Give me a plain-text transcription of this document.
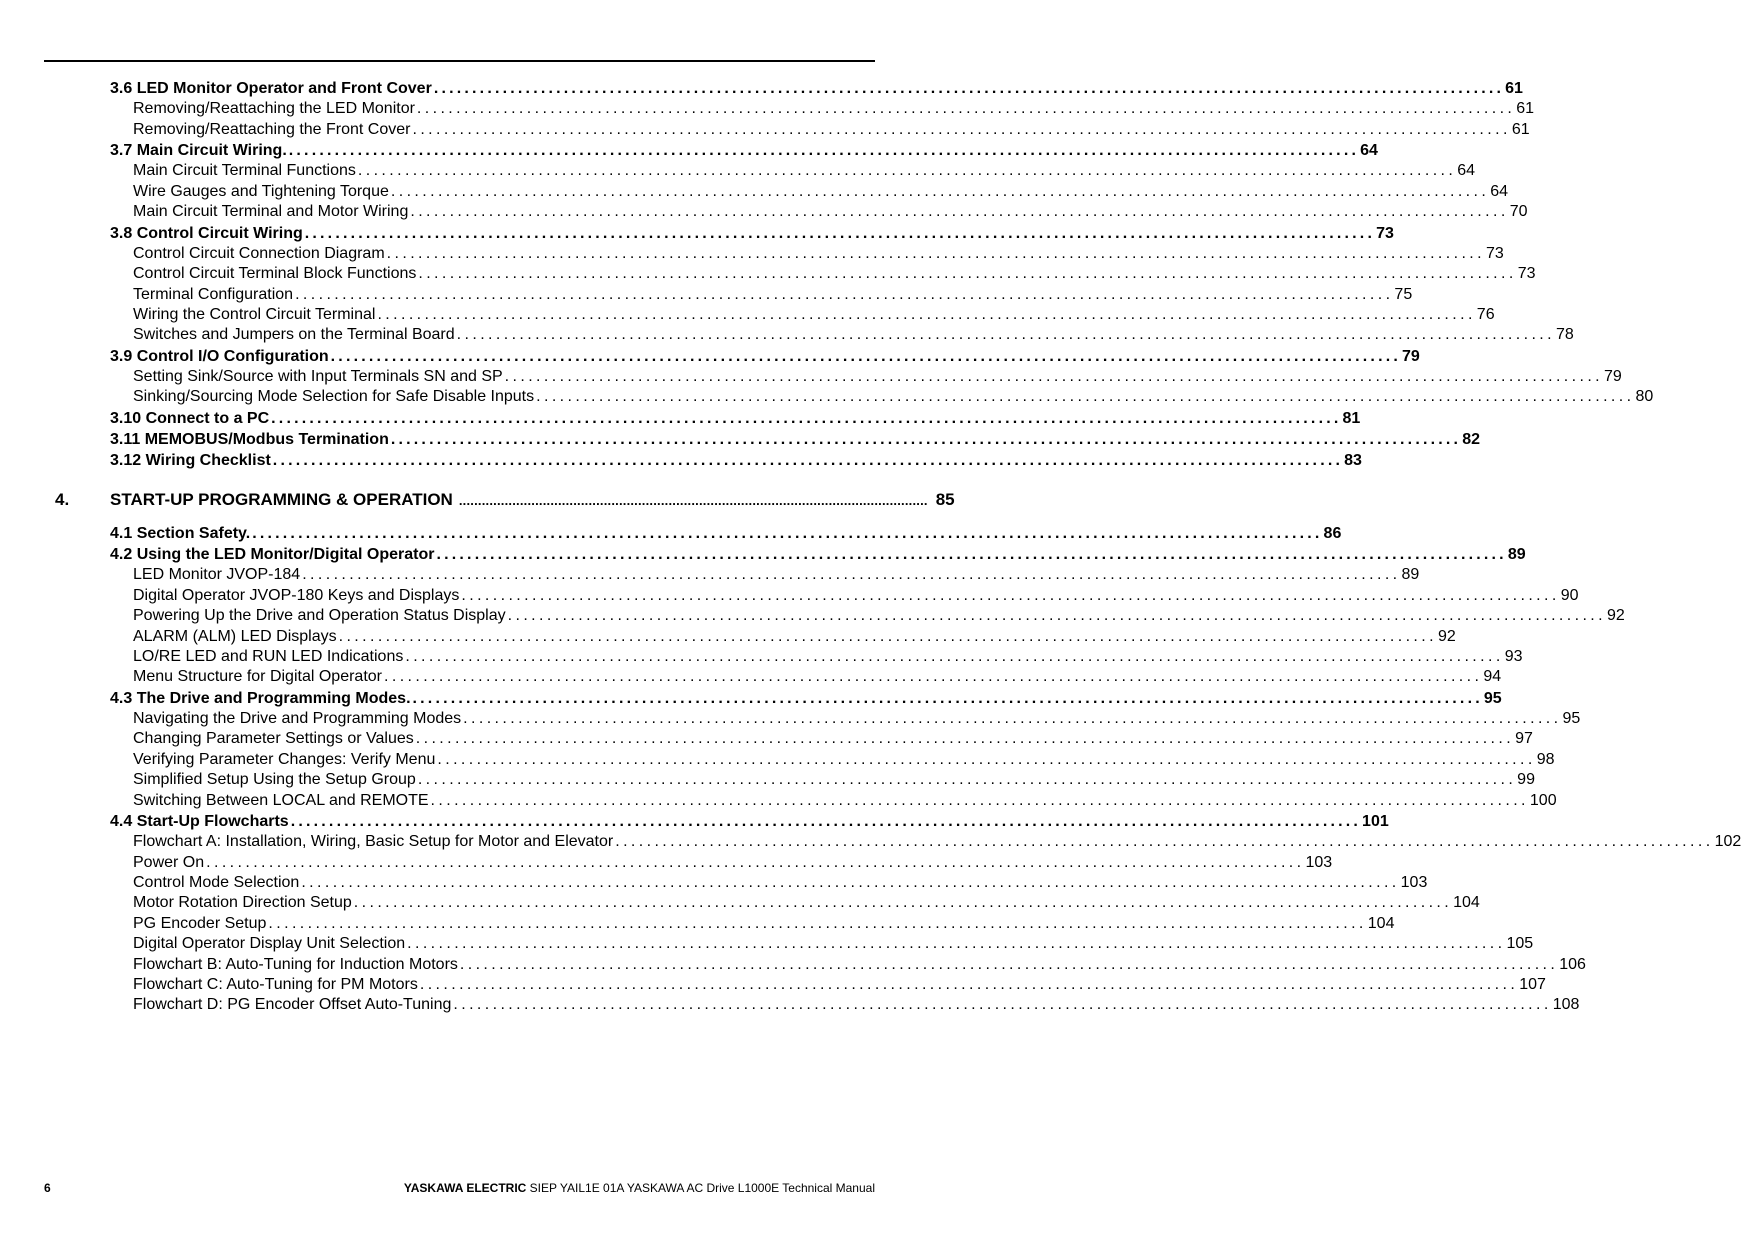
3.6 LED Monitor Operator and Front Cover ............................................................................................................................................ 61
Removing/Reattaching the LED Monitor ............................................................................................................................................ 61
Removing/Reattaching the Front Cover ............................................................................................................................................ 61
3.7 Main Circuit Wiring. ............................................................................................................................................ 64
Main Circuit Terminal Functions ............................................................................................................................................ 64
Wire Gauges and Tightening Torque ............................................................................................................................................ 64
Main Circuit Terminal and Motor Wiring ............................................................................................................................................ 70
3.8 Control Circuit Wiring ............................................................................................................................................ 73
Control Circuit Connection Diagram ............................................................................................................................................ 73
Control Circuit Terminal Block Functions ............................................................................................................................................ 73
Terminal Configuration ............................................................................................................................................ 75
Wiring the Control Circuit Terminal ............................................................................................................................................ 76
Switches and Jumpers on the Terminal Board ............................................................................................................................................ 78
3.9 Control I/O Configuration ............................................................................................................................................ 79
Setting Sink/Source with Input Terminals SN and SP ............................................................................................................................................ 79
Sinking/Sourcing Mode Selection for Safe Disable Inputs ............................................................................................................................................ 80
3.10 Connect to a PC ............................................................................................................................................ 81
3.11 MEMOBUS/Modbus Termination ............................................................................................................................................ 82
3.12 Wiring Checklist ............................................................................................................................................ 83
4. START-UP PROGRAMMING & OPERATION ........................................................................................................................... 85
4.1 Section Safety. ............................................................................................................................................ 86
4.2 Using the LED Monitor/Digital Operator ............................................................................................................................................ 89
LED Monitor JVOP-184 ............................................................................................................................................ 89
Digital Operator JVOP-180 Keys and Displays ............................................................................................................................................ 90
Powering Up the Drive and Operation Status Display ............................................................................................................................................ 92
ALARM (ALM) LED Displays ............................................................................................................................................ 92
LO/RE LED and RUN LED Indications ............................................................................................................................................ 93
Menu Structure for Digital Operator ............................................................................................................................................ 94
4.3 The Drive and Programming Modes. ............................................................................................................................................ 95
Navigating the Drive and Programming Modes ............................................................................................................................................ 95
Changing Parameter Settings or Values ............................................................................................................................................ 97
Verifying Parameter Changes: Verify Menu ............................................................................................................................................ 98
Simplified Setup Using the Setup Group ............................................................................................................................................ 99
Switching Between LOCAL and REMOTE ............................................................................................................................................ 100
4.4 Start-Up Flowcharts ............................................................................................................................................ 101
Flowchart A: Installation, Wiring, Basic Setup for Motor and Elevator ............................................................................................................................................ 102
Power On ............................................................................................................................................ 103
Control Mode Selection ............................................................................................................................................ 103
Motor Rotation Direction Setup ............................................................................................................................................ 104
PG Encoder Setup ............................................................................................................................................ 104
Digital Operator Display Unit Selection ............................................................................................................................................ 105
Flowchart B: Auto-Tuning for Induction Motors ............................................................................................................................................ 106
Flowchart C: Auto-Tuning for PM Motors ............................................................................................................................................ 107
Flowchart D: PG Encoder Offset Auto-Tuning ............................................................................................................................................ 108
6	YASKAWA ELECTRIC SIEP YAIL1E 01A YASKAWA AC Drive L1000E Technical Manual
